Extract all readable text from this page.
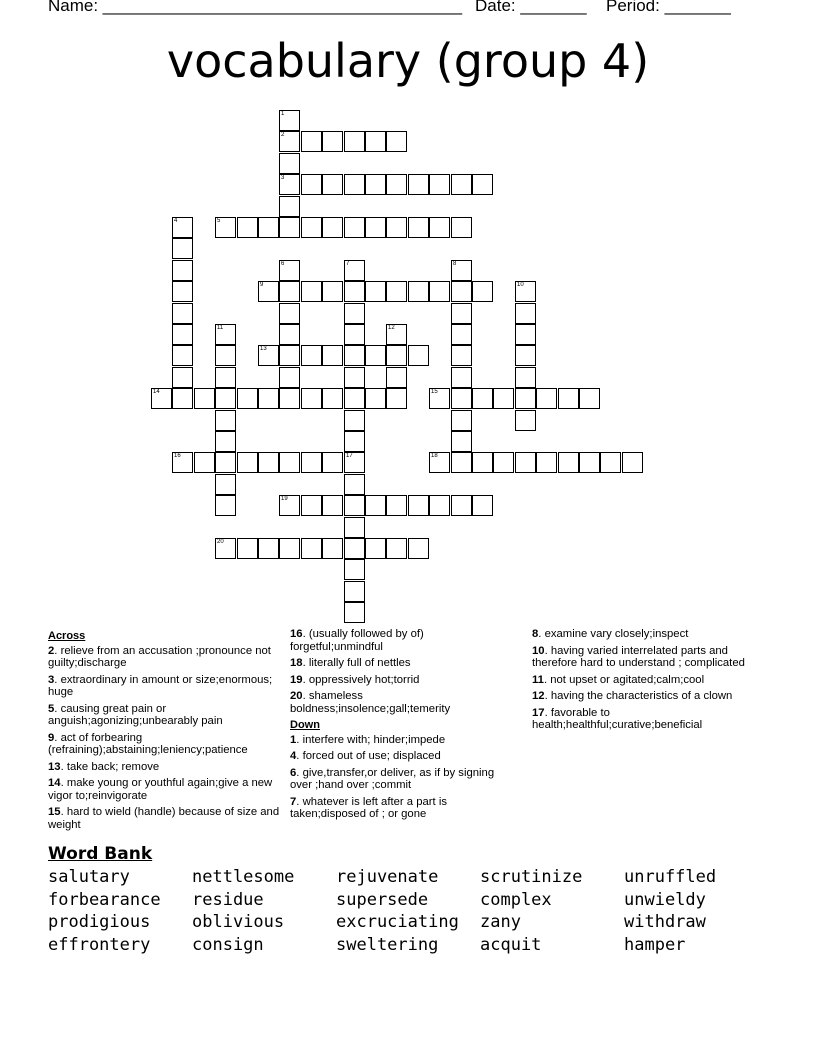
Name: ______________________________________ Date: _______ Period: _______
vocabulary (group 4)
1
2
3
4	5
6	7	8
9	10
11	12
13
14	15
16	17	18
19
20
Across
2. relieve from an accusation ;pronounce not guilty;discharge
3. extraordinary in amount or size;enormous; huge
5. causing great pain or anguish;agonizing;unbearably pain
9. act of forbearing (refraining);abstaining;leniency;patience
13. take back; remove
14. make young or youthful again;give a new vigor to;reinvigorate
15. hard to wield (handle) because of size and weight
16. (usually followed by of) forgetful;unmindful
18. literally full of nettles
19. oppressively hot;torrid
20. shameless boldness;insolence;gall;temerity
Down
1. interfere with; hinder;impede
4. forced out of use; displaced
6. give,transfer,or deliver, as if by signing over ;hand over ;commit
7. whatever is left after a part is taken;disposed of ; or gone
8. examine vary closely;inspect
10. having varied interrelated parts and therefore hard to understand ; complicated
11. not upset or agitated;calm;cool
12. having the characteristics of a clown
17. favorable to health;healthful;curative;beneficial
Word Bank
salutary	nettlesome	rejuvenate	scrutinize	unruffled
forbearance	residue	supersede	complex	unwieldy
prodigious	oblivious	excruciating	zany	withdraw
effrontery	consign	sweltering	acquit	hamper
